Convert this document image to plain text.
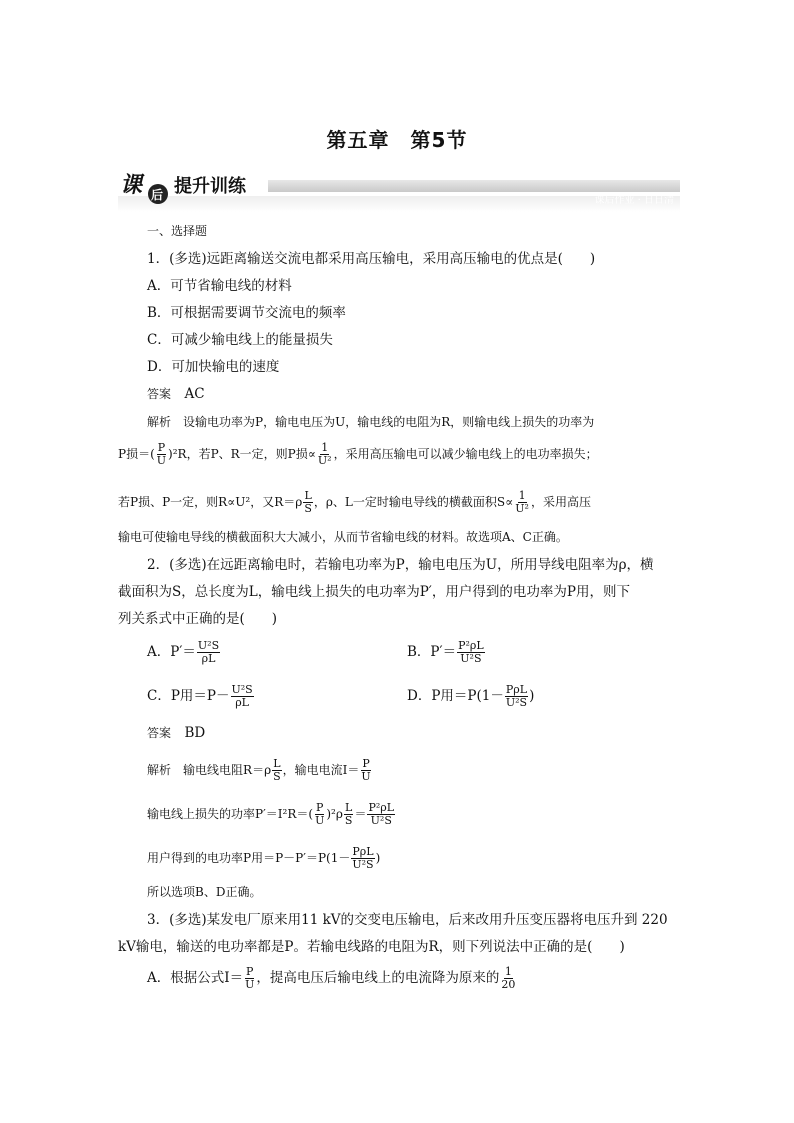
第五章　第5节
课后作业 · 日日清
课 后 提升训练
一、选择题
1．(多选)远距离输送交流电都采用高压输电，采用高压输电的优点是(　　)
A．可节省输电线的材料
B．可根据需要调节交流电的频率
C．可减少输电线上的能量损失
D．可加快输电的速度
答案　 AC
解析　 设输电功率为P，输电电压为U，输电线的电阻为R，则输电线上损失的功率为
P损＝( $\frac{P}{U} )^2R$，若P、R一定，则P损∝ $\frac{1}{\text{U²}}$ ，采用高压输电可以减少输电线上的电功率损失；
若P损、P一定，则R∝U²，又$R=\rho \frac{L}{S}$ ，ρ、L一定时输电导线的横截面积$S\propto \frac{1}{\text{U²}}$ ，采用高压
输电可使输电导线的横截面积大大减小，从而节省输电线的材料。故选项A、C正确。
2．(多选)在远距离输电时，若输电功率为P，输电电压为U，所用导线电阻率为ρ，横
截面积为S，总长度为L，输电线上损失的电功率为P′，用户得到的电功率为P用，则下
列关系式中正确的是(　　)
A．$P'= \frac{\text{U²S}}{\rho L}$	B．$P'= \frac{\text{P²ρL}}{\text{U²S}}$
C．P用$=P- \frac{\text{U²S}}{\rho L}$	D．P用$=P(1- \frac{\text{PρL}}{\text{U²S}}$ )
答案　 BD
解析　 输电线电阻$R=\rho \frac{L}{S}$ ，输电电流$I= \frac{P}{U}$
输电线上损失的功率$P'=I^2R=( \frac{P}{U} )^2\rho \frac{L}{S} = \frac{\text{P²ρL}}{\text{U²S}}$
用户得到的电功率P用$=P-P'=P(1- \frac{\text{PρL}}{\text{U²S}}$ )
所以选项B、D正确。
3．(多选)某发电厂原来用11 kV的交变电压输电，后来改用升压变压器将电压升到 220
kV输电，输送的电功率都是P。若输电线路的电阻为R，则下列说法中正确的是(　　)
A．根据公式$I= \frac{P}{U}$ ，提高电压后输电线上的电流降为原来的 $\frac{1}{20}$
